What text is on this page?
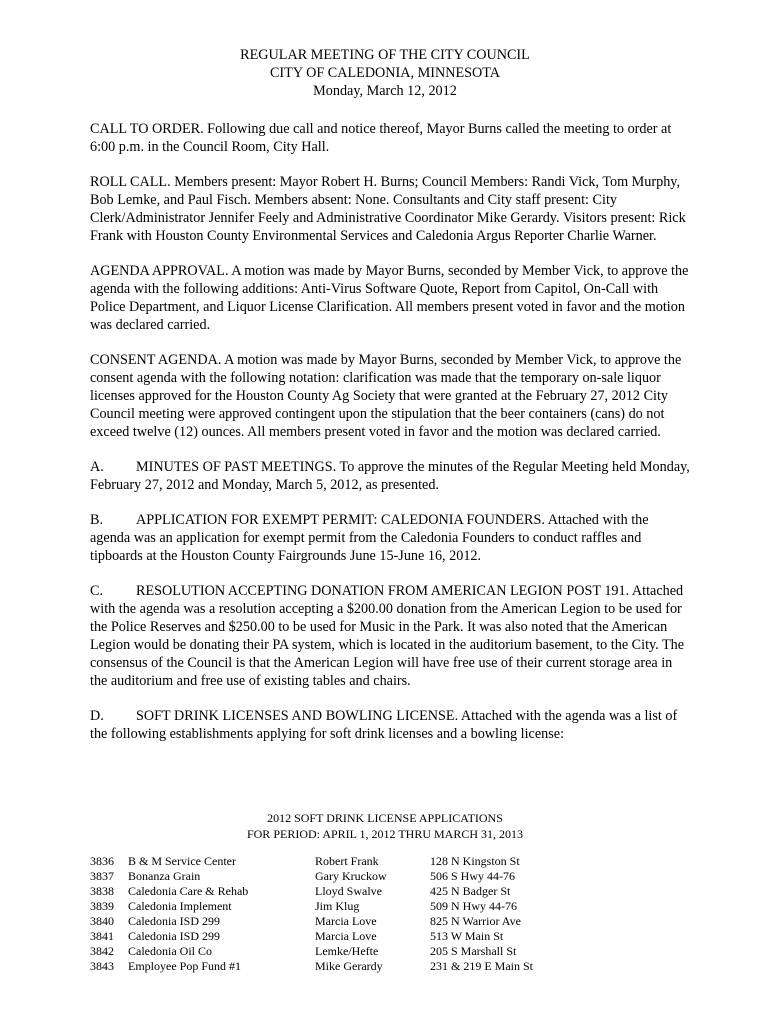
REGULAR MEETING OF THE CITY COUNCIL
CITY OF CALEDONIA, MINNESOTA
Monday, March 12, 2012

CALL TO ORDER. Following due call and notice thereof, Mayor Burns called the meeting to order at 6:00 p.m. in the Council Room, City Hall.

ROLL CALL. Members present: Mayor Robert H. Burns; Council Members: Randi Vick, Tom Murphy, Bob Lemke, and Paul Fisch. Members absent: None. Consultants and City staff present: City Clerk/Administrator Jennifer Feely and Administrative Coordinator Mike Gerardy. Visitors present: Rick Frank with Houston County Environmental Services and Caledonia Argus Reporter Charlie Warner.

AGENDA APPROVAL. A motion was made by Mayor Burns, seconded by Member Vick, to approve the agenda with the following additions: Anti-Virus Software Quote, Report from Capitol, On-Call with Police Department, and Liquor License Clarification. All members present voted in favor and the motion was declared carried.

CONSENT AGENDA. A motion was made by Mayor Burns, seconded by Member Vick, to approve the consent agenda with the following notation: clarification was made that the temporary on-sale liquor licenses approved for the Houston County Ag Society that were granted at the February 27, 2012 City Council meeting were approved contingent upon the stipulation that the beer containers (cans) do not exceed twelve (12) ounces. All members present voted in favor and the motion was declared carried.

A. MINUTES OF PAST MEETINGS. To approve the minutes of the Regular Meeting held Monday, February 27, 2012 and Monday, March 5, 2012, as presented.

B. APPLICATION FOR EXEMPT PERMIT: CALEDONIA FOUNDERS. Attached with the agenda was an application for exempt permit from the Caledonia Founders to conduct raffles and tipboards at the Houston County Fairgrounds June 15-June 16, 2012.

C. RESOLUTION ACCEPTING DONATION FROM AMERICAN LEGION POST 191. Attached with the agenda was a resolution accepting a $200.00 donation from the American Legion to be used for the Police Reserves and $250.00 to be used for Music in the Park. It was also noted that the American Legion would be donating their PA system, which is located in the auditorium basement, to the City. The consensus of the Council is that the American Legion will have free use of their current storage area in the auditorium and free use of existing tables and chairs.

D. SOFT DRINK LICENSES AND BOWLING LICENSE. Attached with the agenda was a list of the following establishments applying for soft drink licenses and a bowling license:

2012 SOFT DRINK LICENSE APPLICATIONS
FOR PERIOD: APRIL 1, 2012 THRU MARCH 31, 2013
3836 B & M Service Center	Robert Frank	128 N Kingston St
3837 Bonanza Grain	Gary Kruckow	506 S Hwy 44-76
3838 Caledonia Care & Rehab	Lloyd Swalve	425 N Badger St
3839 Caledonia Implement	Jim Klug	509 N Hwy 44-76
3840 Caledonia ISD 299	Marcia Love	825 N Warrior Ave
3841 Caledonia ISD 299	Marcia Love	513 W Main St
3842 Caledonia Oil Co	Lemke/Hefte	205 S Marshall St
3843 Employee Pop Fund #1	Mike Gerardy	231 & 219 E Main St
